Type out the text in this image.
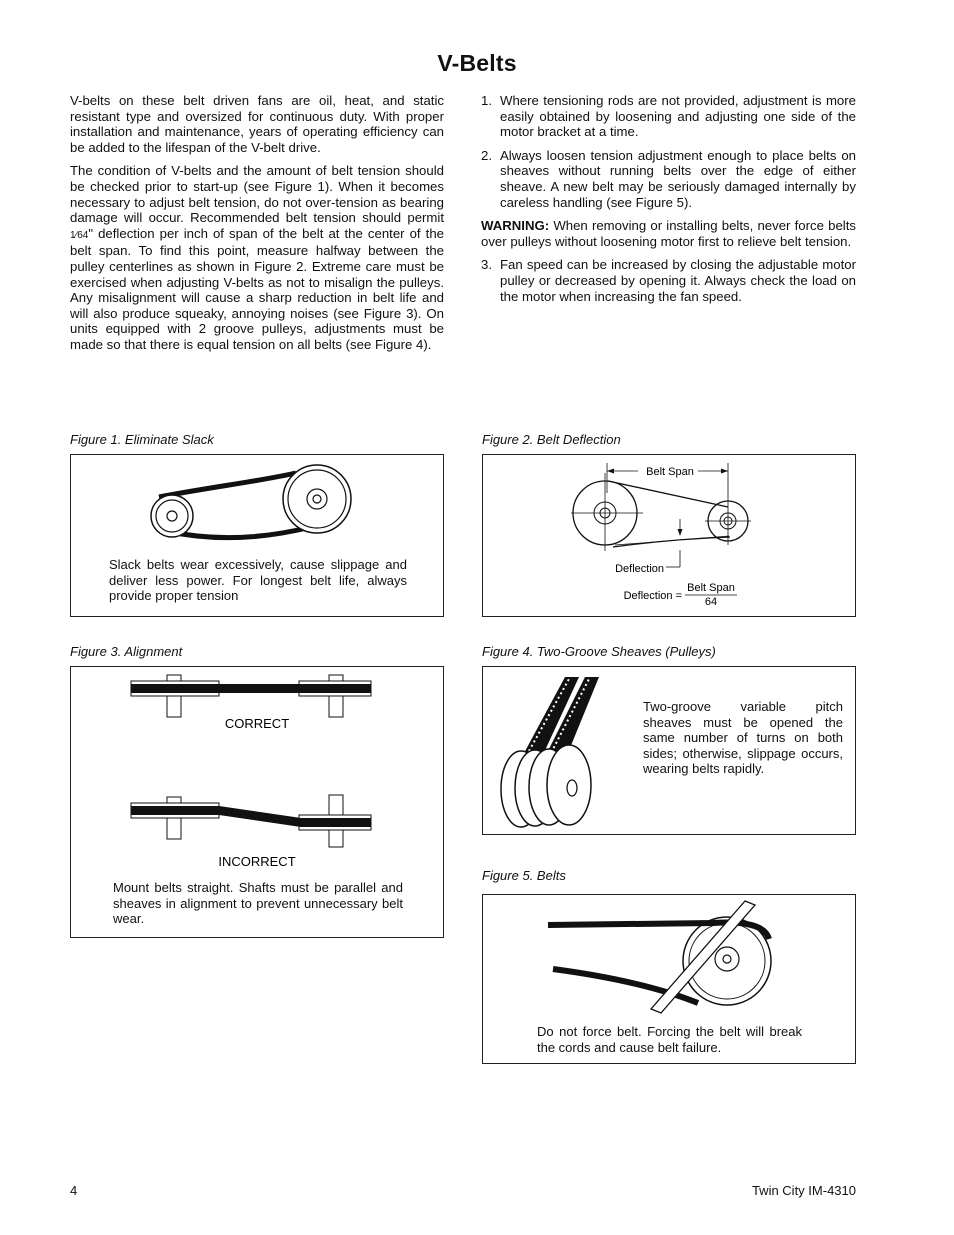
V-Belts

V-belts on these belt driven fans are oil, heat, and static resistant type and oversized for continuous duty. With proper installation and maintenance, years of operating efficiency can be added to the lifespan of the V-belt drive.

The condition of V-belts and the amount of belt tension should be checked prior to start-up (see Figure 1). When it becomes necessary to adjust belt tension, do not over-tension as bearing damage will occur. Recommended belt tension should permit 1⁄64" deflection per inch of span of the belt at the center of the belt span. To find this point, measure halfway between the pulley centerlines as shown in Figure 2. Extreme care must be exercised when adjusting V-belts as not to misalign the pulleys. Any misalignment will cause a sharp reduction in belt life and will also produce squeaky, annoying noises (see Figure 3). On units equipped with 2 groove pulleys, adjustments must be made so that there is equal tension on all belts (see Figure 4).

1. Where tensioning rods are not provided, adjustment is more easily obtained by loosening and adjusting one side of the motor bracket at a time.
2. Always loosen tension adjustment enough to place belts on sheaves without running belts over the edge of either sheave. A new belt may be seriously damaged internally by careless handling (see Figure 5).

WARNING: When removing or installing belts, never force belts over pulleys without loosening motor first to relieve belt tension.

3. Fan speed can be increased by closing the adjustable motor pulley or decreased by opening it. Always check the load on the motor when increasing the fan speed.
Figure 1. Eliminate Slack
Slack belts wear excessively, cause slippage and deliver less power. For longest belt life, always provide proper tension
Figure 2. Belt Deflection
Belt Span
Deflection
Deflection =
Belt Span
64
Figure 3. Alignment
CORRECT
INCORRECT
Mount belts straight. Shafts must be parallel and sheaves in alignment to prevent unnecessary belt wear.
Figure 4. Two-Groove Sheaves (Pulleys)
Two-groove variable pitch sheaves must be opened the same number of turns on both sides; otherwise, slippage occurs, wearing belts rapidly.
Figure 5. Belts
Do not force belt. Forcing the belt will break the cords and cause belt failure.
4	Twin City IM-4310
